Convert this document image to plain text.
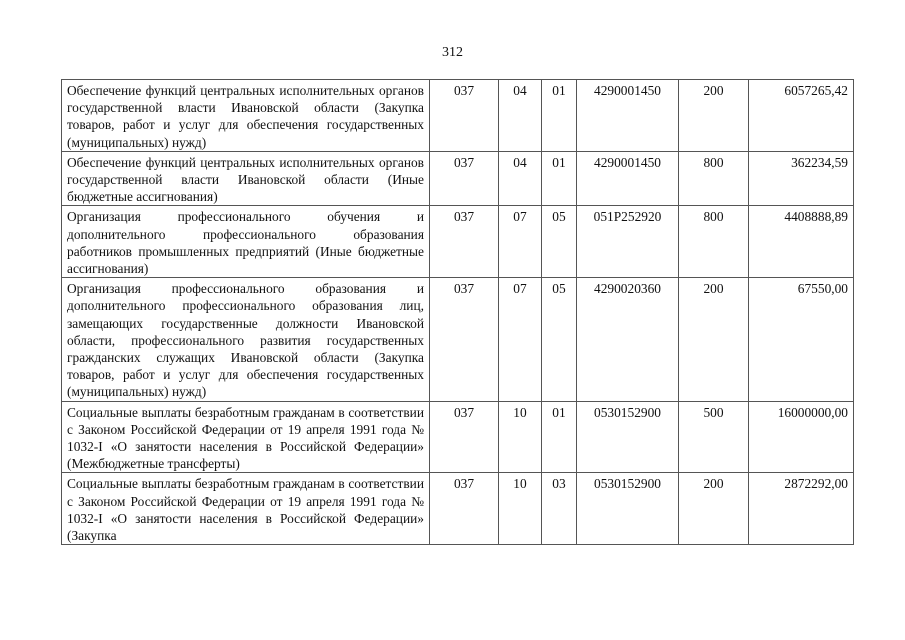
312
Обеспечение функций центральных исполнительных органов государственной власти Ивановской области (Закупка товаров, работ и услуг для обеспечения государственных (муниципальных) нужд)	037	04	01	4290001450	200	6057265,42
Обеспечение функций центральных исполнительных органов государственной власти Ивановской области (Иные бюджетные ассигнования)	037	04	01	4290001450	800	362234,59
Организация профессионального обучения и дополнительного профессионального образования работников промышленных предприятий (Иные бюджетные ассигнования)	037	07	05	051P252920	800	4408888,89
Организация профессионального образования и дополнительного профессионального образования лиц, замещающих государственные должности Ивановской области, профессионального развития государственных гражданских служащих Ивановской области (Закупка товаров, работ и услуг для обеспечения государственных (муниципальных) нужд)	037	07	05	4290020360	200	67550,00
Социальные выплаты безработным гражданам в соответствии с Законом Российской Федерации от 19 апреля 1991 года № 1032-I «О занятости населения в Российской Федерации» (Межбюджетные трансферты)	037	10	01	0530152900	500	16000000,00
Социальные выплаты безработным гражданам в соответствии с Законом Российской Федерации от 19 апреля 1991 года № 1032-I «О занятости населения в Российской Федерации» (Закупка	037	10	03	0530152900	200	2872292,00
